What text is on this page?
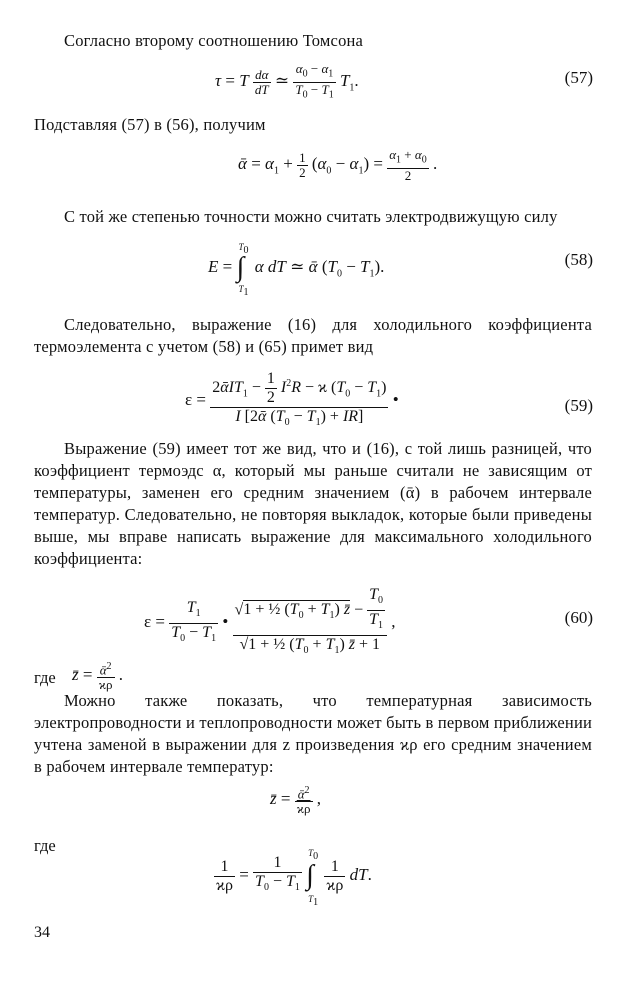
Согласно второму соотношению Томсона
τ = T $\frac{d\alpha}{dT}$ ≃ $\frac{\alpha_0 - \alpha_1}{T_0 - T_1} T_1$.	(57)
Подставляя (57) в (56), получим
ᾱ = $\alpha_1 + \frac{1}{2} (\alpha_0 - \alpha_1) = \frac{\alpha_1 + \alpha_0}{2}$ .
С той же степенью точности можно считать электродвижущую силу
E =
$T_0$
∫
$T_1$
α dT ≃ ᾱ $(T_0 - T_1)$.	(58)
Следовательно, выражение (16) для холодильного коэффициента термоэлемента с учетом (58) и (65) примет вид
$\varepsilon = \frac{2ᾱIT_1 - \frac{1}{2} I^2R - ϰ (T_0 - T_1)}{I [2ᾱ (T_0 - T_1) + IR]}$ •	(59)
Выражение (59) имеет тот же вид, что и (16), с той лишь разницей, что коэффициент термоэдс α, который мы раньше считали не зависящим от температуры, заменен его средним значением (ᾱ) в рабочем интервале температур. Следовательно, не повторяя выкладок, которые были приведены выше, мы вправе написать выражение для максимального холодильного коэффициента:
$\varepsilon = \frac{T_1}{T_0 - T_1}$ • $\frac{√1 + \frac{1}{2} (T_0 + T_1) z̄ - \frac{T_0}{T_1}}{√1 + \frac{1}{2} (T_0 + T_1) z̄ + 1}$ ,	(60)
где z̄ = $\frac{ᾱ^2}{ϰ\rho}$ .
Можно также показать, что температурная зависимость электропроводности и теплопроводности может быть в первом приближении учтена заменой в выражении для z произведения ϰρ его средним значением в рабочем интервале температур:
z̄ = $\frac{ᾱ^2}{ϰ\rho}$ ,
где
$\frac{1}{ϰ\rho} = \frac{1}{T_0 - T_1}$

$T_0$
∫
$T_1$

$\frac{1}{ϰ\rho}$ dT.
34
